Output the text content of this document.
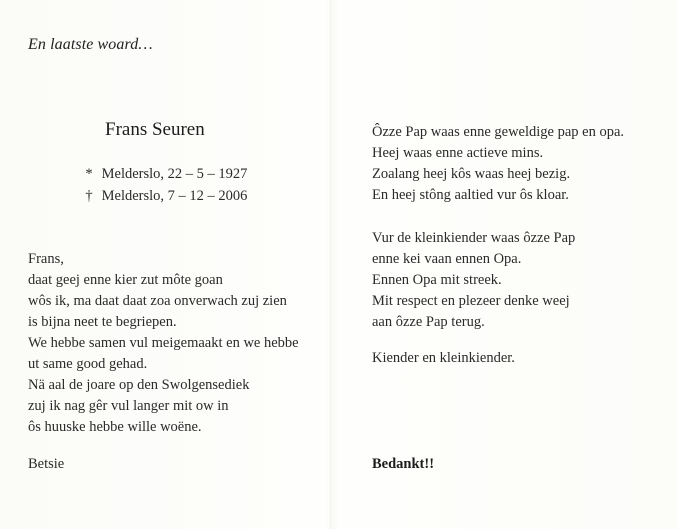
En laatste woard…
Frans Seuren
* Melderslo, 22 – 5 – 1927
† Melderslo, 7 – 12 – 2006
Frans,
daat geej enne kier zut môte goan
wôs ik, ma daat daat zoa onverwach zuj zien
is bijna neet te begriepen.
We hebbe samen vul meigemaakt en we hebbe
ut same good gehad.
Nä aal de joare op den Swolgensediek
zuj ik nag gêr vul langer mit ow in
ôs huuske hebbe wille woëne.
Betsie
Ôzze Pap waas enne geweldige pap en opa.
Heej waas enne actieve mins.
Zoalang heej kôs waas heej bezig.
En heej stông aaltied vur ôs kloar.
Vur de kleinkiender waas ôzze Pap
enne kei vaan ennen Opa.
Ennen Opa mit streek.
Mit respect en plezeer denke weej
aan ôzze Pap terug.
Kiender en kleinkiender.
Bedankt!!
